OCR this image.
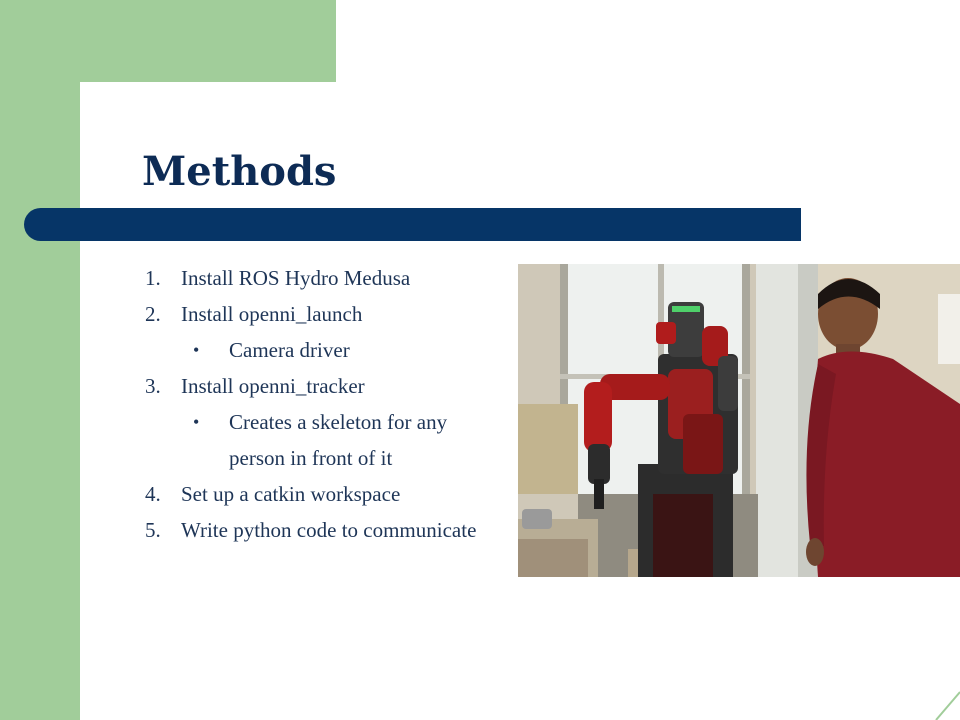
Methods
1. Install ROS Hydro Medusa
2. Install openni_launch
• Camera driver
3. Install openni_tracker
• Creates a skeleton for any person in front of it
4. Set up a catkin workspace
5. Write python code to communicate
